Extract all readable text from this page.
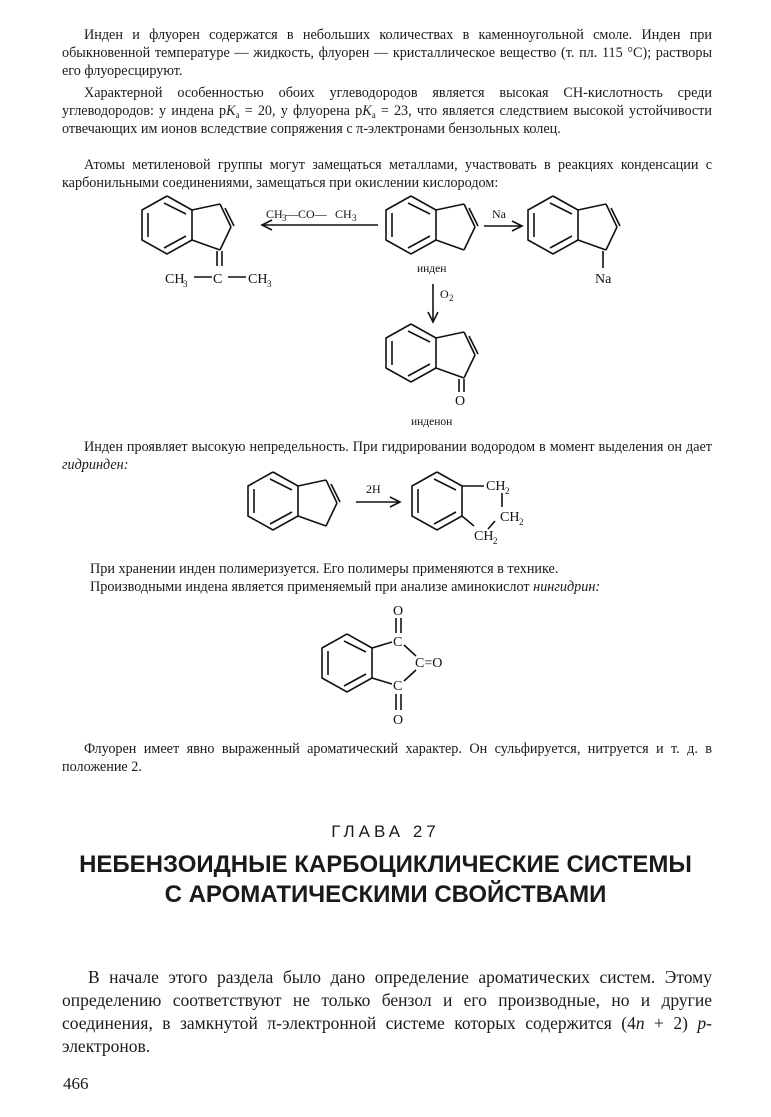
Инден и флуорен содержатся в небольших количествах в каменноугольной смоле. Инден при обыкновенной температуре — жидкость, флуорен — кристаллическое вещество (т. пл. 115 °С); растворы его флуоресцируют.
Характерной особенностью обоих углеводородов является высокая СН-кислотность среди углеводородов: у индена $pK_a = 20$, у флуорена $pK_a = 23$, что является следствием высокой устойчивости отвечающих им ионов вследствие сопряжения с π-электронами бензольных колец.
Атомы метиленовой группы могут замещаться металлами, участвовать в реакциях конденсации с карбонильными соединениями, замещаться при окислении кислородом:
CH
3 C CH 3
CH 3 —CO— CH 3
инден
Na
Na
O 2
O
инденон
Инден проявляет высокую непредельность. При гидрировании водородом в момент выделения он дает гидринден:
2H	CH 2
CH 2
CH 2
При хранении инден полимеризуется. Его полимеры применяются в технике.
Производными индена является применяемый при анализе аминокислот нингидрин:
O
C
C=O
C
O
Флуорен имеет явно выраженный ароматический характер. Он сульфируется, нитруется и т. д. в положение 2.
ГЛАВА 27
НЕБЕНЗОИДНЫЕ КАРБОЦИКЛИЧЕСКИЕ СИСТЕМЫ
С АРОМАТИЧЕСКИМИ СВОЙСТВАМИ
В начале этого раздела было дано определение ароматических систем. Этому определению соответствуют не только бензол и его производные, но и другие соединения, в замкнутой π-электронной системе которых содержится (4n + 2) p-электронов.
466
